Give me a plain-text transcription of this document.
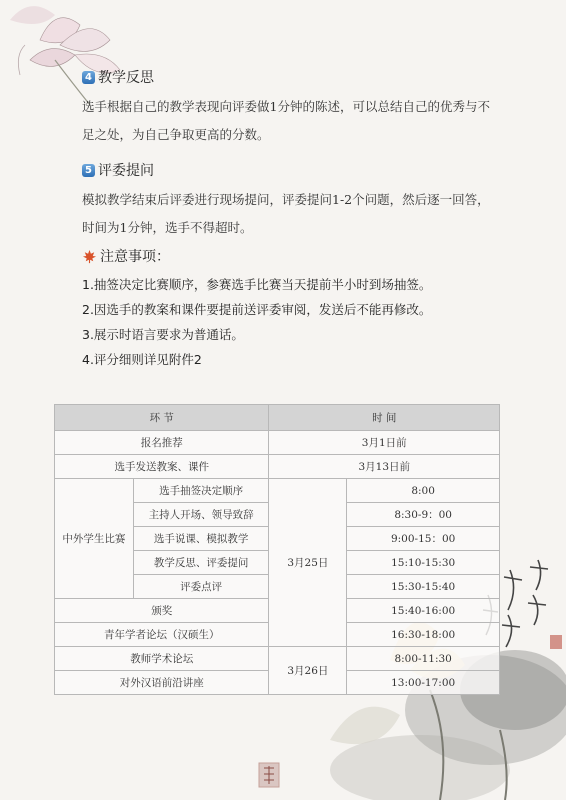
4 教学反思
选手根据自己的教学表现向评委做1分钟的陈述，可以总结自己的优秀与不足之处，为自己争取更高的分数。
5 评委提问
模拟教学结束后评委进行现场提问，评委提问1-2个问题，然后逐一回答，时间为1分钟，选手不得超时。
注意事项：
1.抽签决定比赛顺序，参赛选手比赛当天提前半小时到场抽签。
2.因选手的教案和课件要提前送评委审阅，发送后不能再修改。
3.展示时语言要求为普通话。
4.评分细则详见附件2
环 节		时 间	
报名推荐		3月1日前	
选手发送教案、课件		3月13日前	
中外学生比赛	选手抽签决定顺序	3月25日	8:00
	主持人开场、领导致辞		8:30-9：00
	选手说课、模拟教学		9:00-15：00
	教学反思、评委提问		15:10-15:30
	评委点评		15:30-15:40
颁奖			15:40-16:00
青年学者论坛（汉硕生）			16:30-18:00
教师学术论坛		3月26日	8:00-11:30
对外汉语前沿讲座			13:00-17:00
